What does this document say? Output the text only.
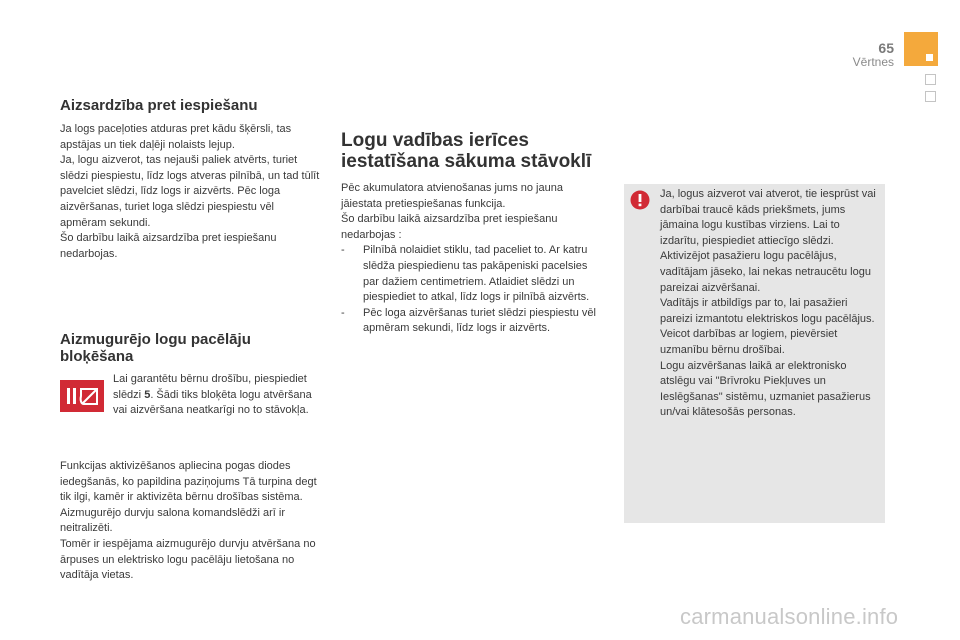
65
Vērtnes
Aizsardzība pret iespiešanu

Ja logs paceļoties atduras pret kādu šķērsli, tas apstājas un tiek daļēji nolaists lejup.

Ja, logu aizverot, tas nejauši paliek atvērts, turiet slēdzi piespiestu, līdz logs atveras pilnībā, un tad tūlīt pavelciet slēdzi, līdz logs ir aizvērts. Pēc loga aizvēršanas, turiet loga slēdzi piespiestu vēl apmēram sekundi.

Šo darbību laikā aizsardzība pret iespiešanu nedarbojas.

Aizmugurējo logu pacēlāju
bloķēšana

Lai garantētu bērnu drošību, piespiediet slēdzi 5. Šādi tiks bloķēta logu atvēršana vai aizvēršana neatkarīgi no to stāvokļa.

Funkcijas aktivizēšanos apliecina pogas diodes iedegšanās, ko papildina paziņojums Tā turpina degt tik ilgi, kamēr ir aktivizēta bērnu drošības sistēma.

Aizmugurējo durvju salona komandslēdži arī ir neitralizēti.

Tomēr ir iespējama aizmugurējo durvju atvēršana no ārpuses un elektrisko logu pacēlāju lietošana no vadītāja vietas.

Logu vadības ierīces
iestatīšana sākuma stāvoklī

Pēc akumulatora atvienošanas jums no jauna jāiestata pretiespiešanas funkcija.

Šo darbību laikā aizsardzība pret iespiešanu nedarbojas :

-	Pilnībā nolaidiet stiklu, tad paceliet to. Ar katru slēdža piespiedienu tas pakāpeniski pacelsies par dažiem centimetriem. Atlaidiet slēdzi un piespiediet to atkal, līdz logs ir pilnībā aizvērts.
-	Pēc loga aizvēršanas turiet slēdzi piespiestu vēl apmēram sekundi, līdz logs ir aizvērts.

Ja, logus aizverot vai atverot, tie iesprūst vai darbībai traucē kāds priekšmets, jums jāmaina logu kustības virziens. Lai to izdarītu, piespiediet attiecīgo slēdzi.

Aktivizējot pasažieru logu pacēlājus, vadītājam jāseko, lai nekas netraucētu logu pareizai aizvēršanai.

Vadītājs ir atbildīgs par to, lai pasažieri pareizi izmantotu elektriskos logu pacēlājus.

Veicot darbības ar logiem, pievērsiet uzmanību bērnu drošībai.

Logu aizvēršanas laikā ar elektronisko atslēgu vai "Brīvroku Piekļuves un Ieslēgšanas" sistēmu, uzmaniet pasažierus un/vai klātesošās personas.

carmanualsonline.info
